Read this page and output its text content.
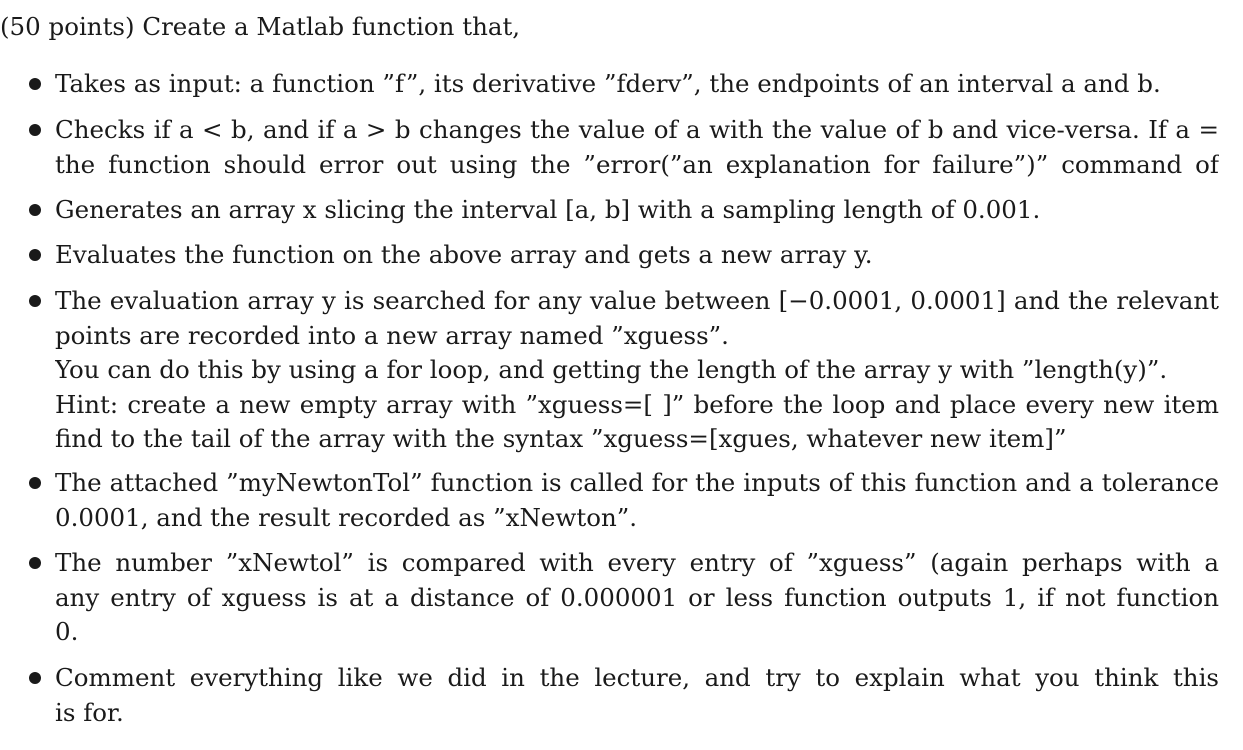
(50 points) Create a Matlab function that,
Takes as input: a function ”f”, its derivative ”fderv”, the endpoints of an interval a and b.
Checks if a < b, and if a > b changes the value of a with the value of b and vice-versa. If a =
the function should error out using the ”error(”an explanation for failure”)” command of
Generates an array x slicing the interval [a, b] with a sampling length of 0.001.
Evaluates the function on the above array and gets a new array y.
The evaluation array y is searched for any value between [−0.0001, 0.0001] and the relevant
points are recorded into a new array named ”xguess”.
You can do this by using a for loop, and getting the length of the array y with ”length(y)”.
Hint: create a new empty array with ”xguess=[ ]” before the loop and place every new item
find to the tail of the array with the syntax ”xguess=[xgues, whatever new item]”
The attached ”myNewtonTol” function is called for the inputs of this function and a tolerance
0.0001, and the result recorded as ”xNewton”.
The number ”xNewtol” is compared with every entry of ”xguess” (again perhaps with a
any entry of xguess is at a distance of 0.000001 or less function outputs 1, if not function
0.
Comment everything like we did in the lecture, and try to explain what you think this
is for.
